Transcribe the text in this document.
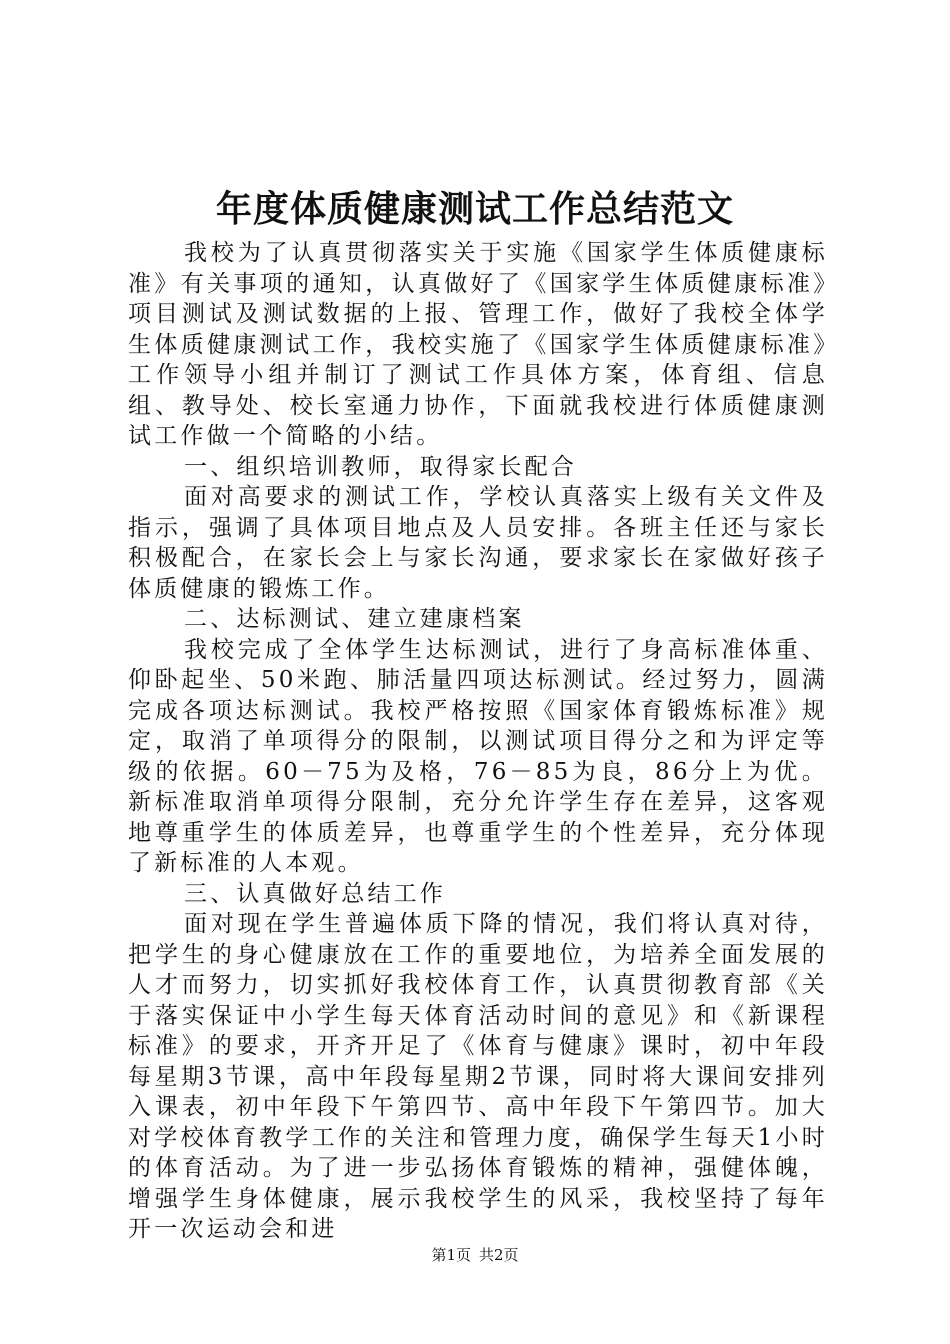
年度体质健康测试工作总结范文

我校为了认真贯彻落实关于实施《国家学生体质健康标准》有关事项的通知，认真做好了《国家学生体质健康标准》项目测试及测试数据的上报、管理工作，做好了我校全体学生体质健康测试工作，我校实施了《国家学生体质健康标准》工作领导小组并制订了测试工作具体方案，体育组、信息组、教导处、校长室通力协作，下面就我校进行体质健康测试工作做一个简略的小结。

一、组织培训教师，取得家长配合

面对高要求的测试工作，学校认真落实上级有关文件及指示，强调了具体项目地点及人员安排。各班主任还与家长积极配合，在家长会上与家长沟通，要求家长在家做好孩子体质健康的锻炼工作。

二、达标测试、建立建康档案

我校完成了全体学生达标测试，进行了身高标准体重、仰卧起坐、50米跑、肺活量四项达标测试。经过努力，圆满完成各项达标测试。我校严格按照《国家体育锻炼标准》规定，取消了单项得分的限制，以测试项目得分之和为评定等级的依据。60－75为及格，76－85为良，86分上为优。新标准取消单项得分限制，充分允许学生存在差异，这客观地尊重学生的体质差异，也尊重学生的个性差异，充分体现了新标准的人本观。

三、认真做好总结工作

面对现在学生普遍体质下降的情况，我们将认真对待，把学生的身心健康放在工作的重要地位，为培养全面发展的人才而努力，切实抓好我校体育工作，认真贯彻教育部《关于落实保证中小学生每天体育活动时间的意见》和《新课程标准》的要求，开齐开足了《体育与健康》课时，初中年段每星期3节课，高中年段每星期2节课，同时将大课间安排列入课表，初中年段下午第四节、高中年段下午第四节。加大对学校体育教学工作的关注和管理力度，确保学生每天1小时的体育活动。为了进一步弘扬体育锻炼的精神，强健体魄，增强学生身体健康，展示我校学生的风采，我校坚持了每年开一次运动会和进

第1页 共2页
